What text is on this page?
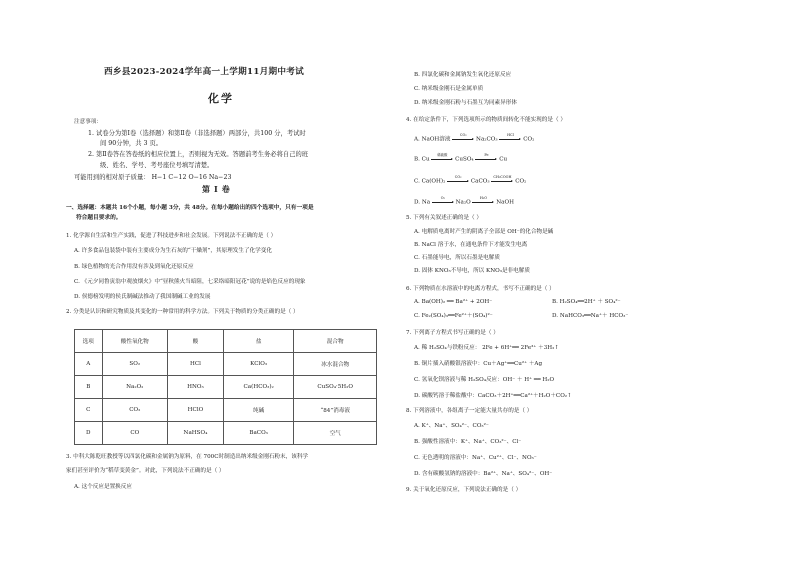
西乡县2023-2024学年高一上学期11月期中考试
化学
注意事项：
1. 试卷分为第Ⅰ卷（选择题）和第Ⅱ卷（非选择题）两部分，共100 分，考试时
间 90分钟，共 3 页。
2. 第Ⅱ卷答在答卷纸的相应位置上，否则视为无效。答题前考生务必将自己的班
级、姓名、学号、考号座位号填写清楚。
可能用到的相对原子质量： H−1 C−12 O−16 Na−23
第Ⅰ卷
一、选择题：本题共 16个小题，每小题 3分，共 48分。在每小题给出的四个选项中，只有一项是
符合题目要求的。
1. 化学源自生活和生产实践，促进了科技进步和社会发展。下列说法不正确的是（ ）
A. 许多食品包装袋中装有主要成分为生石灰的“干燥剂”，其原理发生了化学变化
B. 绿色植物的光合作用没有涉及到氧化还原反应
C. 《元夕同鲁寅翁中观放烟火》中“昼秋熊火当暗阻，七采络暗阳冠花”说的是焰色反应的现象
D. 侯德榜发明的侯氏制碱法推动了我国制碱工业的发展
2. 分类是认识和研究物质及其变化的一种常用的科学方法。下列关于物质的分类正确的是（ ）
选项	酸性氧化物	酸	盐	混合物
A	SO₂	HCl	KClO₃	冰水混合物
B	Na₂O₂	HNO₃	Ca(HCO₃)₂	CuSO₄·5H₂O
C	CO₂	HClO	纯碱	“84”消毒液
D	CO	NaHSO₄	BaCO₃	空气
3. 中科大陈乾旺教授等以四氯化碳和金属钠为原料，在 700C时制造出纳米级金刚石粉末，该科学
家们甚至评价为“稻草变黄金”。对此，下列说法不正确的是（ ）
A. 这个反应是置换反应
B. 四氯化碳和金属钠发生氧化还原反应
C. 纳米级金刚石是金属单质
D. 纳米级金刚石粉与石墨互为同素异形体
4. 在给定条件下，下列选项所示的物质间转化不能实现的是（ ）
A. NaOH溶液
CO₂
Na₂CO₃
HCl
CO₂
B. Cu
稀硫酸
CuSO₄
Fe
Cu
C. Ca(OH)₂
CO₂
CaCO₃
CH₃COOH
CO₂
D. Na
O₂
Na₂O
H₂O
NaOH
5. 下列有关叙述正确的是（ ）
A. 电解质电离时产生的阴离子全部是 OH⁻的化合物是碱
B. NaCl 溶于水，在通电条件下才能发生电离
C. 石墨能导电，所以石墨是电解质
D. 固体 KNO₃不导电，所以 KNO₃是非电解质
6. 下列物质在水溶液中的电离方程式，书写不正确的是（ ）
A. Ba(OH)₂ ══ Ba²⁺ + 2OH⁻	B. H₂SO₄══2H⁺ ＋ SO₄²⁻
C. Fe₂(SO₄)₃══Fe²⁺＋(SO₄)²⁻	D. NaHCO₃══Na⁺＋ HCO₃⁻
7. 下列离子方程式书写正确的是（ ）
A. 稀 H₂SO₄与铁粉反应： 2Fe + 6H⁺══ 2Fe³⁺ ＋3H₂↑
B. 铜片插入硝酸银溶液中：Cu＋Ag⁺══Cu²⁺ ＋Ag
C. 氢氧化钡溶液与稀 H₂SO₄反应：OH⁻ ＋ H⁺ ══ H₂O
D. 碳酸钙溶于稀盐酸中：CaCO₃＋2H⁺══Ca²⁺＋H₂O＋CO₂↑
8. 下列溶液中，各组离子一定能大量共存的是（ ）
A. K⁺、Na⁺、SO₄²⁻、CO₃²⁻
B. 强酸性溶液中：K⁺、Na⁺、CO₃²⁻、Cl⁻
C. 无色透明的溶液中：Na⁺、Cu²⁺、Cl⁻、NO₃⁻
D. 含有碳酸氢钠的溶液中：Ba²⁺、Na⁺、SO₄²⁻、OH⁻
9. 关于氧化还原反应，下列说法正确的是（ ）
